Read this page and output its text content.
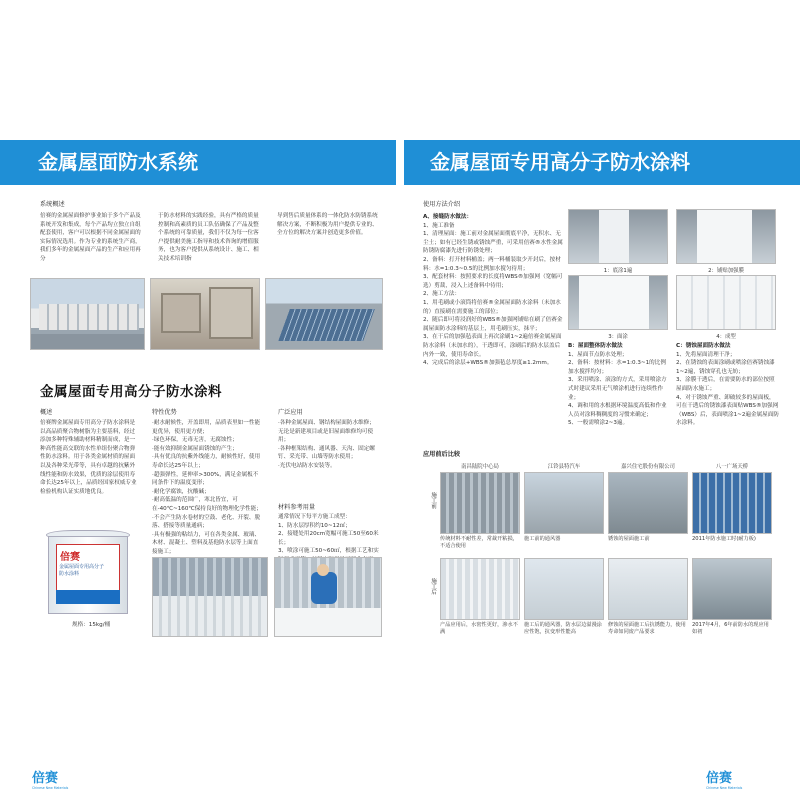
金属屋面防水系统
系统概述
倍赛的金属屋面修护事业始于多个产品及系统开发和集成，每个产品均立独立自组配套使用，客户可以根据不同金属屋面的实际情况选用。作为专业的系统生产商，我们多年的金属屋面产品的生产和应用再分
于防水材料的实践经验，具有严格的质量控制和高素质的员工队伍确保了产品及整个系统的可靠质量，我们不仅为每一位客户提供耐美施工指导和技术咨询的增值服务，也为客户提供从系统设计、施工、相关技术培训指
导到售后质量体系的一体化防水防锈系统解决方案，不断积极为用户提供专业的、全方位的解决方案并创造更多价值。
金属屋面专用高分子防水涂料
概述
倍赛牌金属屋面专用高分子防水涂料是以高品质聚合物树脂为主要基料，经过添加多种特殊辅助材料精制而成，是一种高性能高交联的水性单组份聚合物弹性防水涂料。用于各类金属材质的屋面以及各种采光带等，具有卓越的抗紫外线性能和防水效果，优质的涂层使用寿命长达25年以上，品质经国家权威专业检验机构认证实质地优良。
特性优势
·耐水耐候性，开盖即用，品质表里如一性能更优异，使用更方便；
·绿色环保，无毒无害，无腐蚀性；
·能有效抑制金属屋面锈蚀的产生；
·具有优良的抗紫外线能力，耐候性好，使用寿命长达25年以上；
·超强弹性，延伸率>300%，满足金属板不同条件下的温度变形；
·耐化学腐蚀，抗酸碱；
·耐高低温的范围广，寒北皆宜，可在-40℃~160℃保持良好的物理化学性能；
·不会产生防水卷材的空鼓、老化、开裂、脱落、搭接等质量通病；
·具有极强的粘结力，可在各类金属、玻璃、木材、混凝土、塑料及基他防水层等上面直接施工；
广泛应用
·各种金属屋面、钢结构屋面防水维修；无论是新建项目或是旧屋面维修均可使用；
·各种框架结构、通风器、天沟、固定螺钉、采光带、山墙等防水使用；
·光伏电站防水安装等。
材料参考用量
通常情况下每平方施工成型：
1、防水层厚积约10~12㎡；
2、接缝处用20cm宽幅可施工50至60米长；
3、喷涂可施工50~60㎡，根据工艺和实
倍赛
金属屋面专用高分子
防水涂料
规格：15kg/桶
倍赛
Chinese New Materials
金属屋面专用高分子防水涂料
使用方法介绍
A、接缝防水做法：
1、施工准备
1、清理屋面：施工前对金属屋面彻底平净，无积水、无尘土；如有已经生锈或锈蚀严重，可采用倍赛®水性金属防锈防腐漆先进行防锈处理；
2、备料：打开材料桶盖；两一料桶装取少开封后，按材料：水=1:0.3~0.5的比例加水搅匀待用；
3、配套材料：按照要求的长度将WBS®加强网（宽幅可选）剪裁，浸入上述备料中待用；
2、施工方法：
1、用毛刷或小滚筒将倍赛®金属屋面防水涂料（未加水的）直接刷在需要施工的部位；
2、随后即可将浸润好的WBS®加强网铺贴在刷了倍赛金属屋面防水涂料的基层上，用毛刷压实，抹平；
3、在干后的加强毡表面上再次涂刷1~2遍倍赛金属屋面防水涂料（未加水的），干透即可，涂刷后的防水层盖后内外一致，使用寿命长。
4、完成后的涂层+WBS®加强毡总厚度≥1.2mm。
1：底涂1遍	2：铺贴加强膜
3：面涂	4：成型
B：屋面整体防水做法
1、屋面节点防水处理；
2、备料：按材料：水=1:0.3~1的比例加水搅拌均匀；
3、采用喷涂、滚涂的方式，采用喷涂方式时建议采用无气喷涂机进行连续性作业；
4、调和用的水根据环境温度高低和作业人员对涂料稠稠度的习惯来确定；
5、一般需喷涂2~3遍。
C：锈蚀屋面防水做法
1、先将屋面清理干净；
2、在锈蚀的表面涂刷或喷涂倍赛锈蚀漆1~2遍，锈蚀穿孔也无妨；
3、涂膜干透后，在需要防水的部位按照屋面防水施工；
4、对于锈蚀严重、卸破较多的屋面板，可在干透后的锈蚀漆表面贴WBS®加强网（WBS）后，表面喷涂1~2遍金属屋面防水涂料。
应用前后比较
南昌陆院中心局
传统材料不耐性差，常裁开粘损，不适合使用
产品应用后，水密性更好，渗水不满
江铃县特汽车
施工前的通风器
施工后的通风器，防水层边溢漫涂应性饱，抗变形性能高
嘉兴住宅股份有限公司
锈蚀的屋面施工前
修蚀的屋面施工后抗锈能力，使用寿命如同废产品要求
八一广场天桥
2011年防水施工时(耐力板)
2017年4月，6年前防水的现应用如初
施工前
施工后
倍赛
Chinese New Materials
